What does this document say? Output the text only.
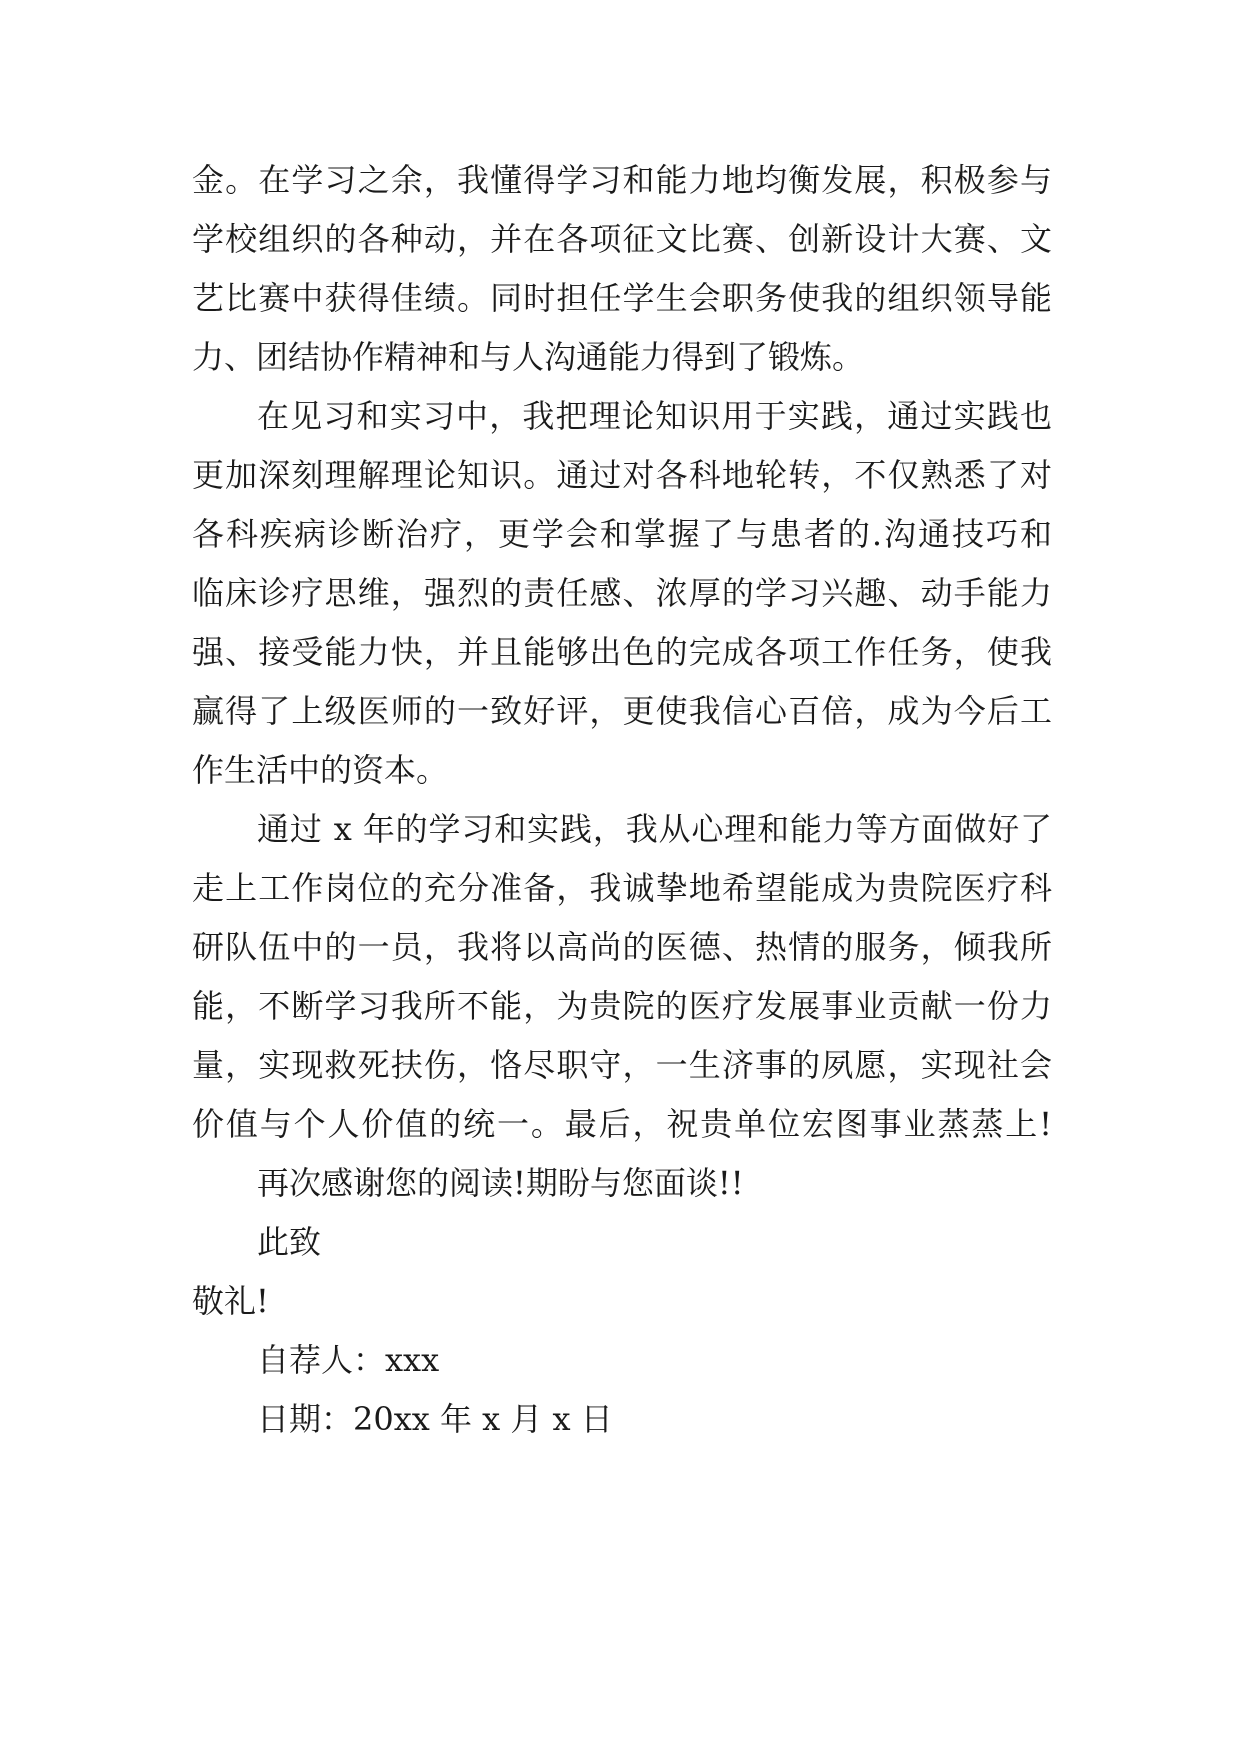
金。在学习之余，我懂得学习和能力地均衡发展，积极参与
学校组织的各种动，并在各项征文比赛、创新设计大赛、文
艺比赛中获得佳绩。同时担任学生会职务使我的组织领导能
力、团结协作精神和与人沟通能力得到了锻炼。
在见习和实习中，我把理论知识用于实践，通过实践也
更加深刻理解理论知识。通过对各科地轮转，不仅熟悉了对
各科疾病诊断治疗，更学会和掌握了与患者的.沟通技巧和
临床诊疗思维，强烈的责任感、浓厚的学习兴趣、动手能力
强、接受能力快，并且能够出色的完成各项工作任务，使我
赢得了上级医师的一致好评，更使我信心百倍，成为今后工
作生活中的资本。
通过 x 年的学习和实践，我从心理和能力等方面做好了
走上工作岗位的充分准备，我诚挚地希望能成为贵院医疗科
研队伍中的一员，我将以高尚的医德、热情的服务，倾我所
能，不断学习我所不能，为贵院的医疗发展事业贡献一份力
量，实现救死扶伤，恪尽职守，一生济事的夙愿，实现社会
价值与个人价值的统一。最后，祝贵单位宏图事业蒸蒸上!
再次感谢您的阅读!期盼与您面谈!!
此致
敬礼!
自荐人：xxx
日期：20xx 年 x 月 x 日
